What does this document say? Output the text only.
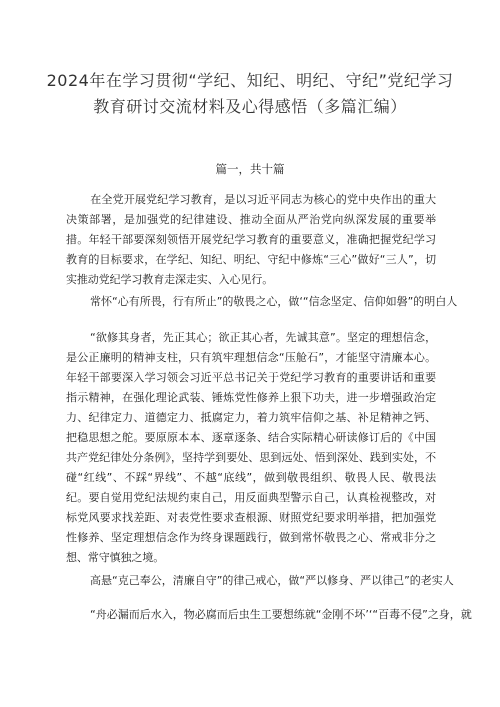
2024年在学习贯彻“学纪、知纪、明纪、守纪”党纪学习教育研讨交流材料及心得感悟（多篇汇编）

篇一，共十篇

在全党开展党纪学习教育，是以习近平同志为核心的党中央作出的重大决策部署，是加强党的纪律建设、推动全面从严治党向纵深发展的重要举措。年轻干部要深刻领悟开展党纪学习教育的重要意义，准确把握党纪学习教育的目标要求，在学纪、知纪、明纪、守纪中修炼“三心”做好“三人”，切实推动党纪学习教育走深走实、入心见行。

常怀“心有所畏，行有所止”的敬畏之心，做‘“信念坚定、信仰如磐”的明白人

“欲修其身者，先正其心；欲正其心者，先诚其意”。坚定的理想信念，是公正廉明的精神支柱，只有筑牢理想信念“压舱石”，才能坚守清廉本心。年轻干部要深入学习领会习近平总书记关于党纪学习教育的重要讲话和重要指示精神，在强化理论武装、锤炼党性修养上狠下功夫，进一步增强政治定力、纪律定力、道德定力、抵腐定力，着力筑牢信仰之基、补足精神之钙、把稳思想之舵。要原原本本、逐章逐条、结合实际精心研读修订后的《中国共产党纪律处分条例》，坚持学到要处、思到远处、悟到深处、践到实处，不碰“红线”、不踩“界线”、不越“底线”，做到敬畏组织、敬畏人民、敬畏法纪。要自觉用党纪法规约束自己，用反面典型警示自己，认真检视整改，对标党风要求找差距、对表党性要求查根源、财照党纪要求明举措，把加强党性修养、坚定理想信念作为终身课题践行，做到常怀敬畏之心、常戒非分之想、常守慎独之境。

高悬“克己奉公，清廉自守”的律己戒心，做“严以修身、严以律己”的老实人

“舟必漏而后水入，物必腐而后虫生工要想练就“金刚不坏’‘“百毒不侵”之身，就
